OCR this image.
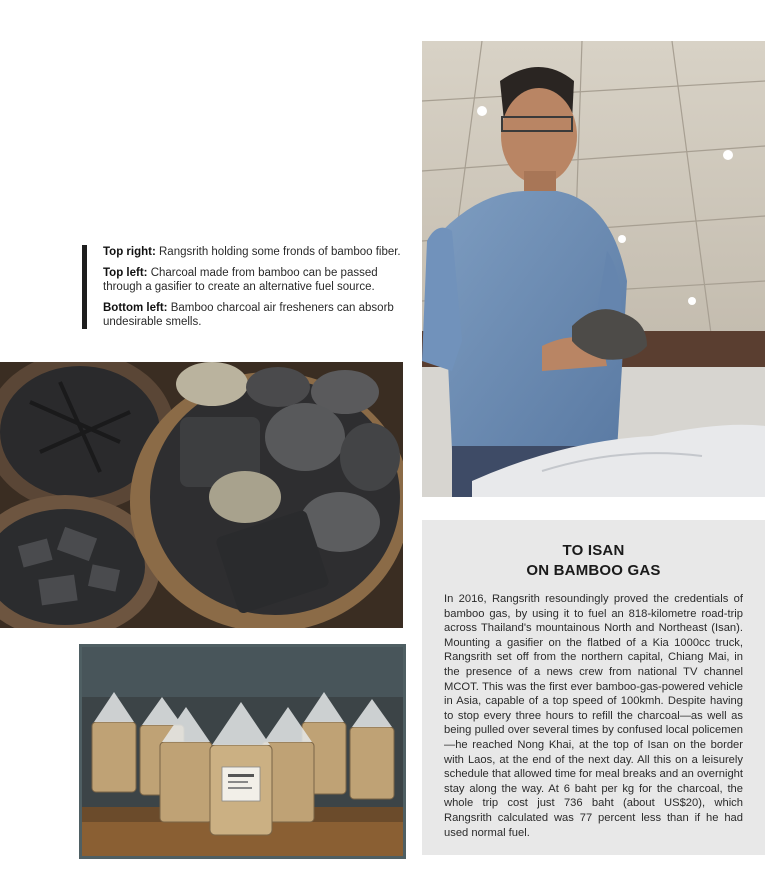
Top right: Rangsrith holding some fronds of bamboo fiber.

Top left: Charcoal made from bamboo can be passed through a gasifier to create an alternative fuel source.

Bottom left: Bamboo charcoal air fresheners can absorb undesirable smells.

TO ISAN
ON BAMBOO GAS
In 2016, Rangsrith resoundingly proved the credentials of bamboo gas, by using it to fuel an 818-kilometre road-trip across Thailand's mountainous North and Northeast (Isan). Mounting a gasifier on the flatbed of a Kia 1000cc truck, Rangsrith set off from the northern capital, Chiang Mai, in the presence of a news crew from national TV channel MCOT. This was the first ever bamboo-gas-powered vehicle in Asia, capable of a top speed of 100kmh. Despite having to stop every three hours to refill the charcoal—as well as being pulled over several times by confused local policemen—he reached Nong Khai, at the top of Isan on the border with Laos, at the end of the next day. All this on a leisurely schedule that allowed time for meal breaks and an overnight stay along the way. At 6 baht per kg for the charcoal, the whole trip cost just 736 baht (about US$20), which Rangsrith calculated was 77 percent less than if he had used normal fuel.
